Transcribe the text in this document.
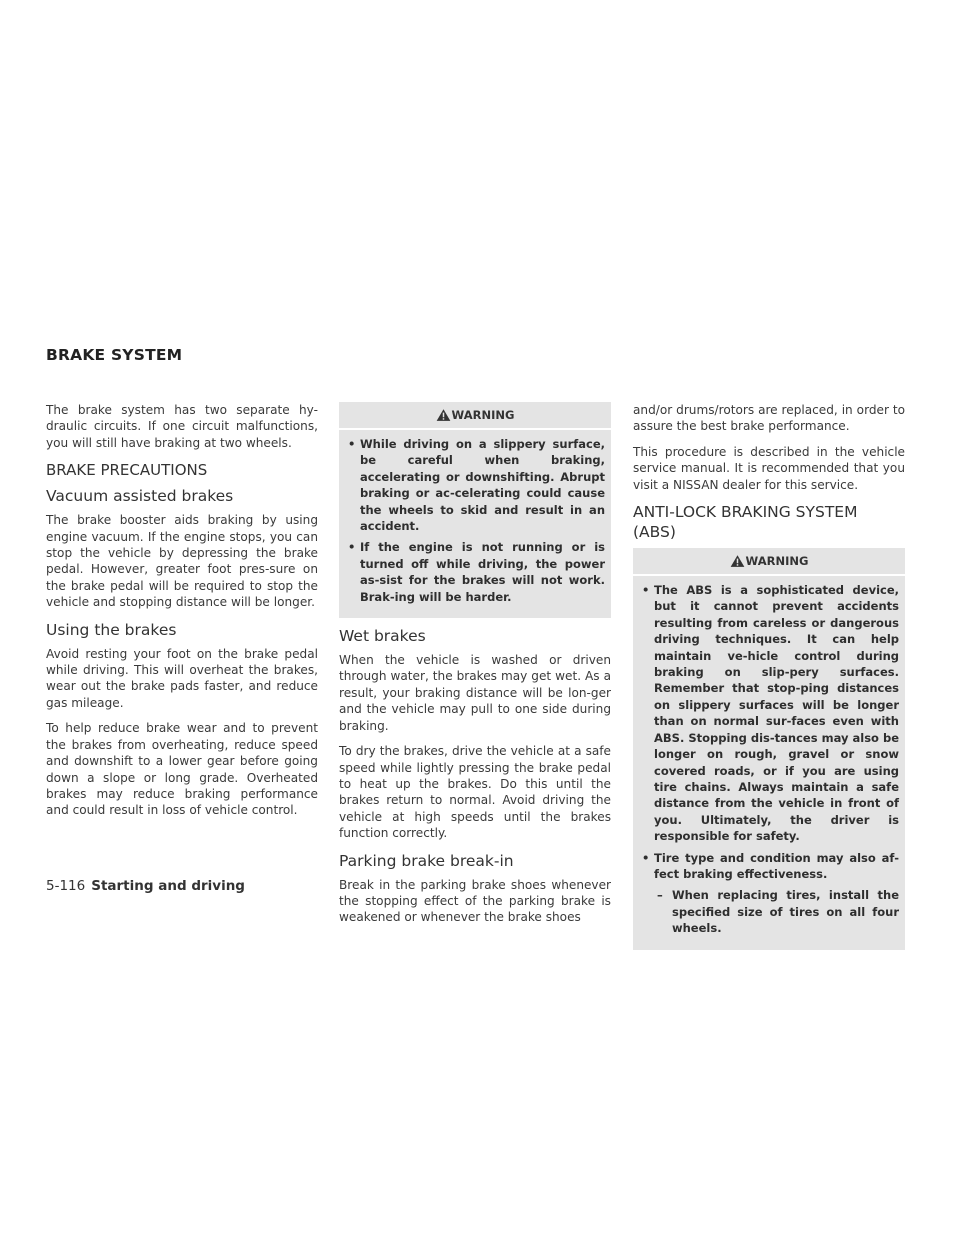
BRAKE SYSTEM

The brake system has two separate hy-draulic circuits. If one circuit malfunctions, you will still have braking at two wheels.

BRAKE PRECAUTIONS
Vacuum assisted brakes

The brake booster aids braking by using engine vacuum. If the engine stops, you can stop the vehicle by depressing the brake pedal. However, greater foot pres-sure on the brake pedal will be required to stop the vehicle and stopping distance will be longer.

Using the brakes

Avoid resting your foot on the brake pedal while driving. This will overheat the brakes, wear out the brake pads faster, and reduce gas mileage.

To help reduce brake wear and to prevent the brakes from overheating, reduce speed and downshift to a lower gear before going down a slope or long grade. Overheated brakes may reduce braking performance and could result in loss of vehicle control.

WARNING
• While driving on a slippery surface, be careful when braking, accelerating or downshifting. Abrupt braking or ac-celerating could cause the wheels to skid and result in an accident.
• If the engine is not running or is turned off while driving, the power as-sist for the brakes will not work. Brak-ing will be harder.
Wet brakes

When the vehicle is washed or driven through water, the brakes may get wet. As a result, your braking distance will be lon-ger and the vehicle may pull to one side during braking.

To dry the brakes, drive the vehicle at a safe speed while lightly pressing the brake pedal to heat up the brakes. Do this until the brakes return to normal. Avoid driving the vehicle at high speeds until the brakes function correctly.

Parking brake break-in

Break in the parking brake shoes whenever the stopping effect of the parking brake is weakened or whenever the brake shoes

and/or drums/rotors are replaced, in order to assure the best brake performance.

This procedure is described in the vehicle service manual. It is recommended that you visit a NISSAN dealer for this service.

ANTI-LOCK BRAKING SYSTEM (ABS)
WARNING
• The ABS is a sophisticated device, but it cannot prevent accidents resulting from careless or dangerous driving techniques. It can help maintain ve-hicle control during braking on slip-pery surfaces. Remember that stop-ping distances on slippery surfaces will be longer than on normal sur-faces even with ABS. Stopping dis-tances may also be longer on rough, gravel or snow covered roads, or if you are using tire chains. Always maintain a safe distance from the vehicle in front of you. Ultimately, the driver is responsible for safety.
• Tire type and condition may also af-fect braking effectiveness.
– When replacing tires, install the specified size of tires on all four wheels.
5-116 Starting and driving
